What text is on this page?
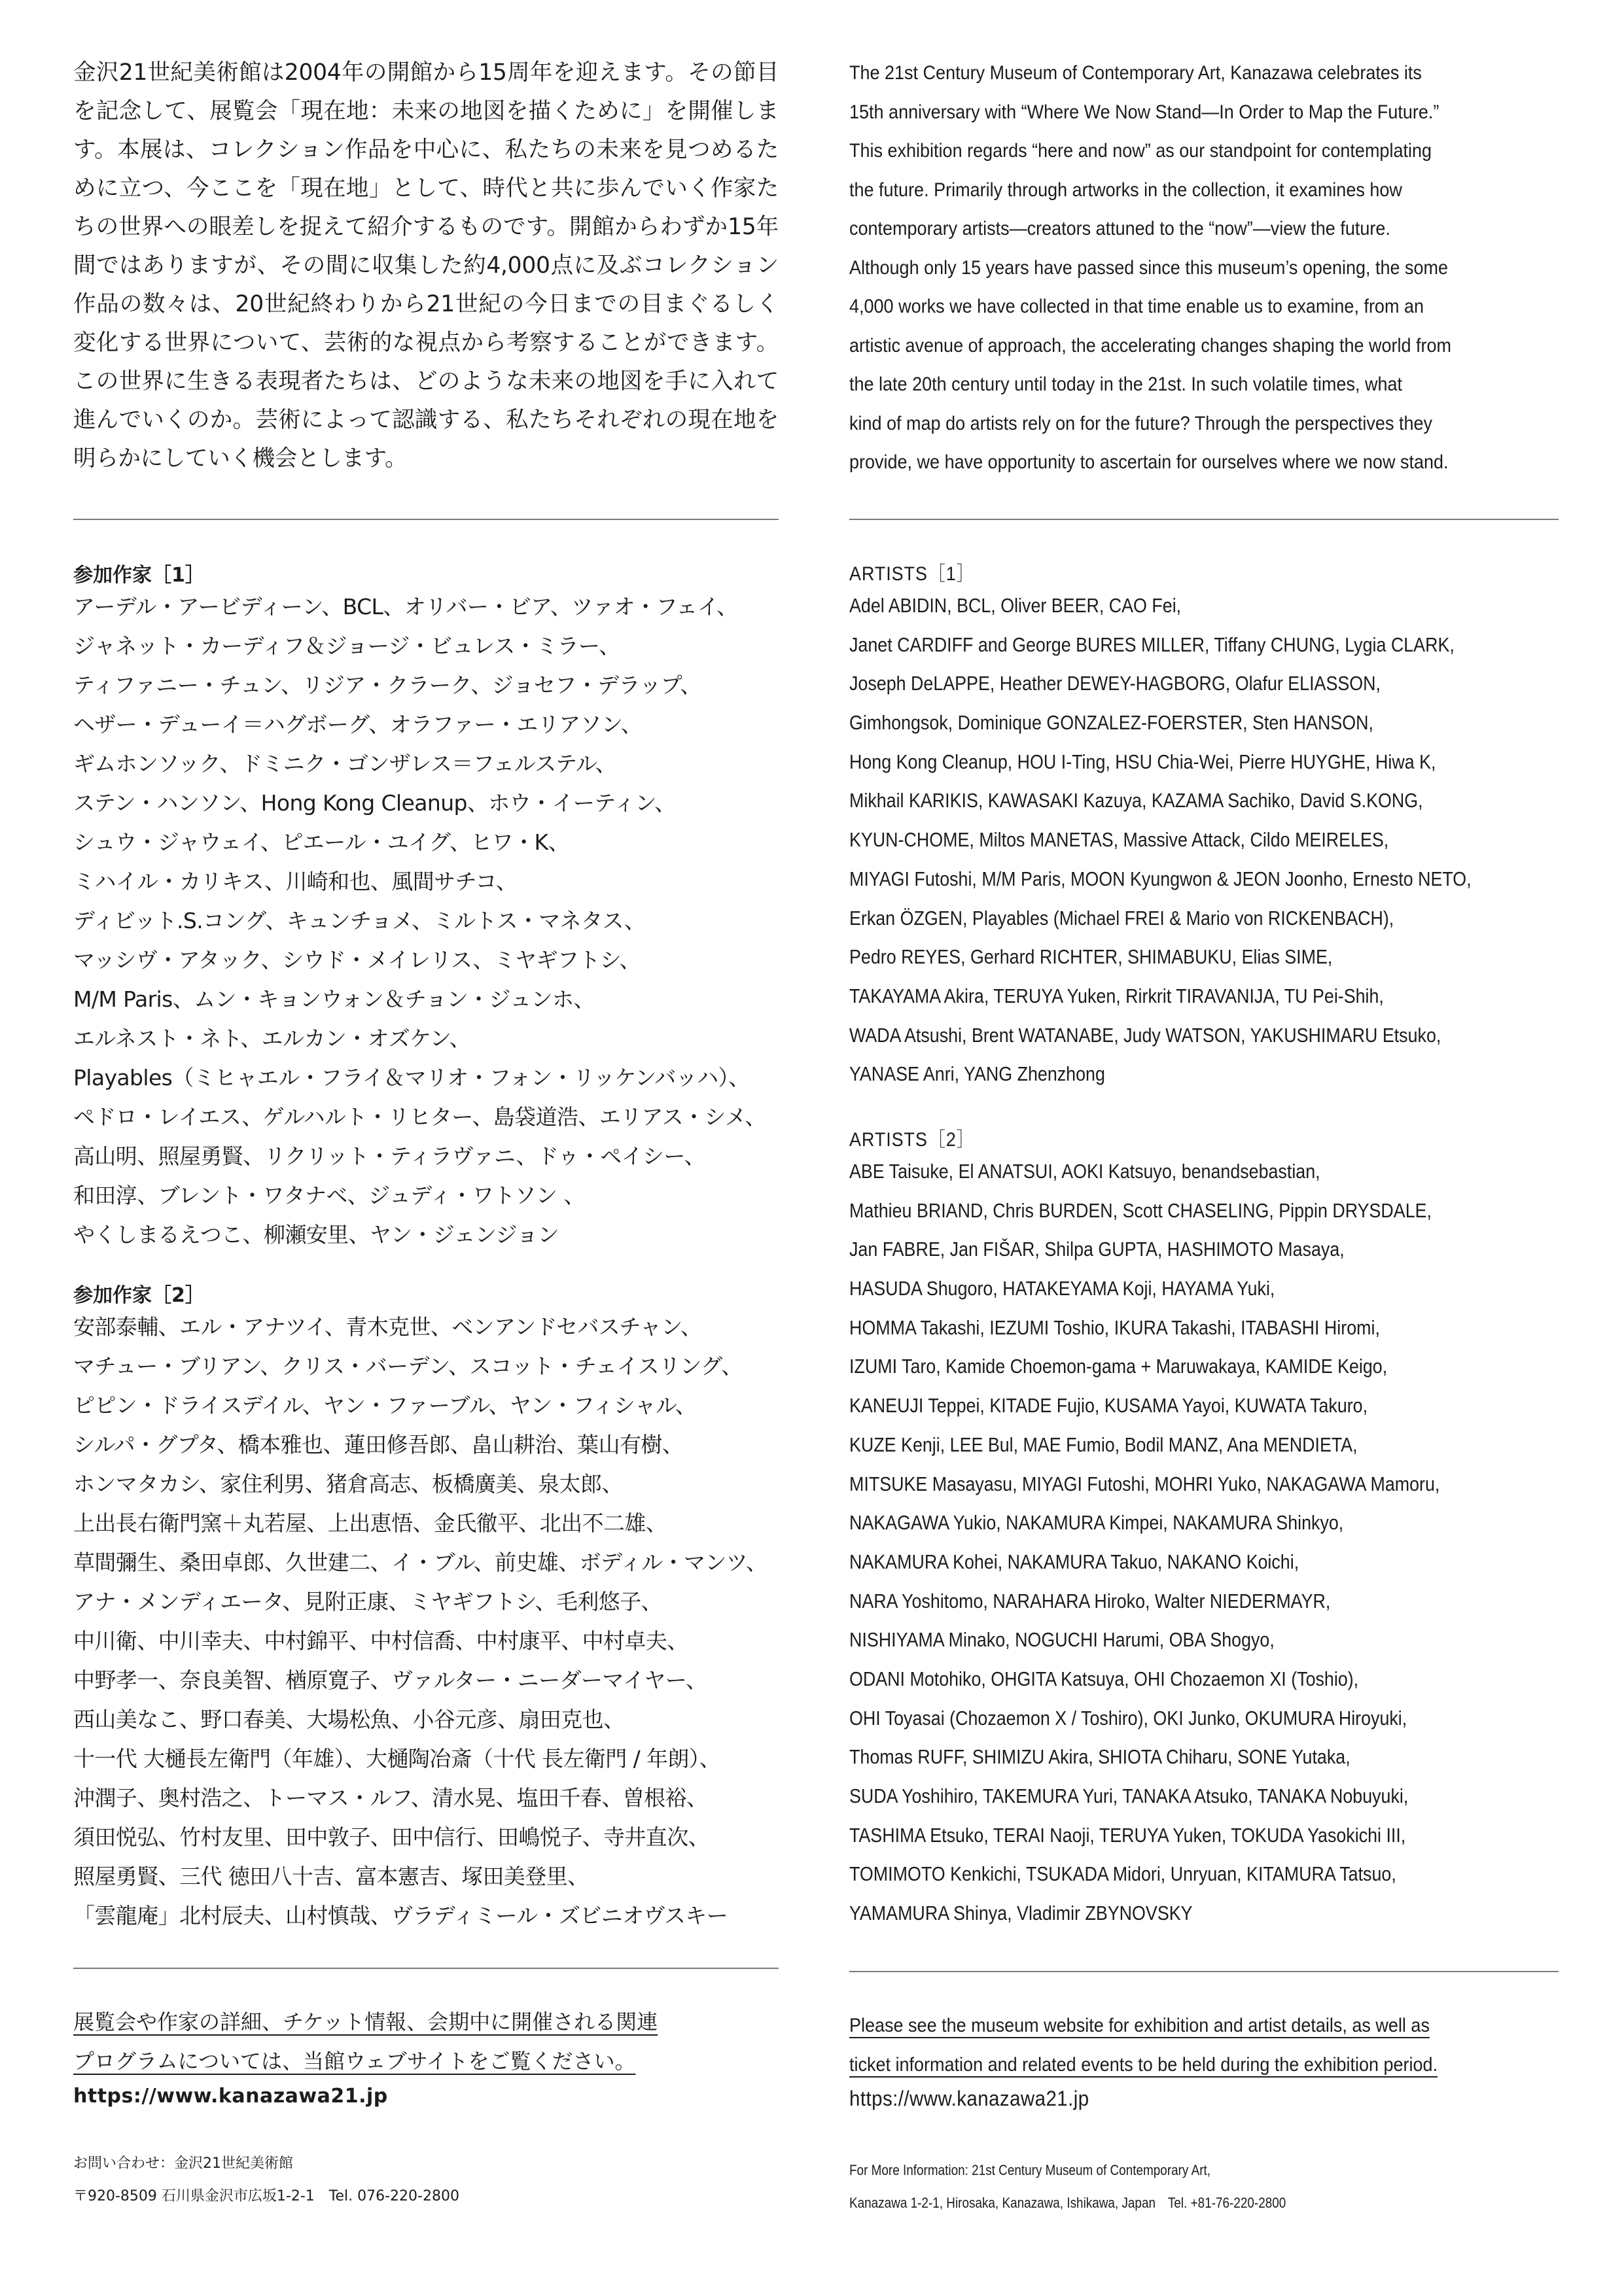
金沢21世紀美術館は2004年の開館から15周年を迎えます。その節目を記念して、展覧会「現在地：未来の地図を描くために」を開催します。本展は、コレクション作品を中心に、私たちの未来を見つめるために立つ、今ここを「現在地」として、時代と共に歩んでいく作家たちの世界への眼差しを捉えて紹介するものです。開館からわずか15年間ではありますが、その間に収集した約4,000点に及ぶコレクション作品の数々は、20世紀終わりから21世紀の今日までの目まぐるしく変化する世界について、芸術的な視点から考察することができます。この世界に生きる表現者たちは、どのような未来の地図を手に入れて進んでいくのか。芸術によって認識する、私たちそれぞれの現在地を明らかにしていく機会とします。

参加作家［1］
アーデル・アービディーン、BCL、オリバー・ビア、ツァオ・フェイ、
ジャネット・カーディフ＆ジョージ・ビュレス・ミラー、
ティファニー・チュン、リジア・クラーク、ジョセフ・デラップ、
ヘザー・デューイ＝ハグボーグ、オラファー・エリアソン、
ギムホンソック、ドミニク・ゴンザレス＝フェルステル、
ステン・ハンソン、Hong Kong Cleanup、ホウ・イーティン、
シュウ・ジャウェイ、ピエール・ユイグ、ヒワ・K、
ミハイル・カリキス、川崎和也、風間サチコ、
ディビット.S.コング、キュンチョメ、ミルトス・マネタス、
マッシヴ・アタック、シウド・メイレリス、ミヤギフトシ、
M/M Paris、ムン・キョンウォン＆チョン・ジュンホ、
エルネスト・ネト、エルカン・オズケン、
Playables（ミヒャエル・フライ＆マリオ・フォン・リッケンバッハ）、
ペドロ・レイエス、ゲルハルト・リヒター、島袋道浩、エリアス・シメ、
高山明、照屋勇賢、リクリット・ティラヴァニ、ドゥ・ペイシー、
和田淳、ブレント・ワタナベ、ジュディ・ワトソン 、
やくしまるえつこ、柳瀬安里、ヤン・ジェンジョン
参加作家［2］
安部泰輔、エル・アナツイ、青木克世、ベンアンドセバスチャン、
マチュー・ブリアン、クリス・バーデン、スコット・チェイスリング、
ピピン・ドライスデイル、ヤン・ファーブル、ヤン・フィシャル、
シルパ・グプタ、橋本雅也、蓮田修吾郎、畠山耕治、葉山有樹、
ホンマタカシ、家住利男、猪倉高志、板橋廣美、泉太郎、
上出長右衛門窯＋丸若屋、上出恵悟、金氏徹平、北出不二雄、
草間彌生、桑田卓郎、久世建二、イ・ブル、前史雄、ボディル・マンツ、
アナ・メンディエータ、見附正康、ミヤギフトシ、毛利悠子、
中川衛、中川幸夫、中村錦平、中村信喬、中村康平、中村卓夫、
中野孝一、奈良美智、楢原寛子、ヴァルター・ニーダーマイヤー、
西山美なこ、野口春美、大場松魚、小谷元彦、扇田克也、
十一代 大樋長左衛門（年雄）、大樋陶冶斎（十代 長左衛門 / 年朗）、
沖潤子、奥村浩之、トーマス・ルフ、清水晃、塩田千春、曽根裕、
須田悦弘、竹村友里、田中敦子、田中信行、田嶋悦子、寺井直次、
照屋勇賢、三代 徳田八十吉、富本憲吉、塚田美登里、
「雲龍庵」北村辰夫、山村慎哉、ヴラディミール・ズビニオヴスキー
展覧会や作家の詳細、チケット情報、会期中に開催される関連
プログラムについては、当館ウェブサイトをご覧ください。

https://www.kanazawa21.jp

お問い合わせ：金沢21世紀美術館
〒920-8509 石川県金沢市広坂1-2-1　Tel. 076-220-2800
The 21st Century Museum of Contemporary Art, Kanazawa celebrates its
15th anniversary with “Where We Now Stand—In Order to Map the Future.”
This exhibition regards “here and now” as our standpoint for contemplating
the future. Primarily through artworks in the collection, it examines how
contemporary artists—creators attuned to the “now”—view the future.
Although only 15 years have passed since this museum’s opening, the some
4,000 works we have collected in that time enable us to examine, from an
artistic avenue of approach, the accelerating changes shaping the world from
the late 20th century until today in the 21st. In such volatile times, what
kind of map do artists rely on for the future? Through the perspectives they
provide, we have opportunity to ascertain for ourselves where we now stand.
ARTISTS［1］
Adel ABIDIN, BCL, Oliver BEER, CAO Fei,
Janet CARDIFF and George BURES MILLER, Tiffany CHUNG, Lygia CLARK,
Joseph DeLAPPE, Heather DEWEY-HAGBORG, Olafur ELIASSON,
Gimhongsok, Dominique GONZALEZ-FOERSTER, Sten HANSON,
Hong Kong Cleanup, HOU I-Ting, HSU Chia-Wei, Pierre HUYGHE, Hiwa K,
Mikhail KARIKIS, KAWASAKI Kazuya, KAZAMA Sachiko, David S.KONG,
KYUN-CHOME, Miltos MANETAS, Massive Attack, Cildo MEIRELES,
MIYAGI Futoshi, M/M Paris, MOON Kyungwon & JEON Joonho, Ernesto NETO,
Erkan ÖZGEN, Playables (Michael FREI & Mario von RICKENBACH),
Pedro REYES, Gerhard RICHTER, SHIMABUKU, Elias SIME,
TAKAYAMA Akira, TERUYA Yuken, Rirkrit TIRAVANIJA, TU Pei-Shih,
WADA Atsushi, Brent WATANABE, Judy WATSON, YAKUSHIMARU Etsuko,
YANASE Anri, YANG Zhenzhong
ARTISTS［2］
ABE Taisuke, El ANATSUI, AOKI Katsuyo, benandsebastian,
Mathieu BRIAND, Chris BURDEN, Scott CHASELING, Pippin DRYSDALE,
Jan FABRE, Jan FIŠAR, Shilpa GUPTA, HASHIMOTO Masaya,
HASUDA Shugoro, HATAKEYAMA Koji, HAYAMA Yuki,
HOMMA Takashi, IEZUMI Toshio, IKURA Takashi, ITABASHI Hiromi,
IZUMI Taro, Kamide Choemon-gama + Maruwakaya, KAMIDE Keigo,
KANEUJI Teppei, KITADE Fujio, KUSAMA Yayoi, KUWATA Takuro,
KUZE Kenji, LEE Bul, MAE Fumio, Bodil MANZ, Ana MENDIETA,
MITSUKE Masayasu, MIYAGI Futoshi, MOHRI Yuko, NAKAGAWA Mamoru,
NAKAGAWA Yukio, NAKAMURA Kimpei, NAKAMURA Shinkyo,
NAKAMURA Kohei, NAKAMURA Takuo, NAKANO Koichi,
NARA Yoshitomo, NARAHARA Hiroko, Walter NIEDERMAYR,
NISHIYAMA Minako, NOGUCHI Harumi, OBA Shogyo,
ODANI Motohiko, OHGITA Katsuya, OHI Chozaemon XI (Toshio),
OHI Toyasai (Chozaemon X / Toshiro), OKI Junko, OKUMURA Hiroyuki,
Thomas RUFF, SHIMIZU Akira, SHIOTA Chiharu, SONE Yutaka,
SUDA Yoshihiro, TAKEMURA Yuri, TANAKA Atsuko, TANAKA Nobuyuki,
TASHIMA Etsuko, TERAI Naoji, TERUYA Yuken, TOKUDA Yasokichi III,
TOMIMOTO Kenkichi, TSUKADA Midori, Unryuan, KITAMURA Tatsuo,
YAMAMURA Shinya, Vladimir ZBYNOVSKY
Please see the museum website for exhibition and artist details, as well as
ticket information and related events to be held during the exhibition period.

https://www.kanazawa21.jp

For More Information: 21st Century Museum of Contemporary Art,
Kanazawa 1-2-1, Hirosaka, Kanazawa, Ishikawa, Japan　Tel. +81-76-220-2800
